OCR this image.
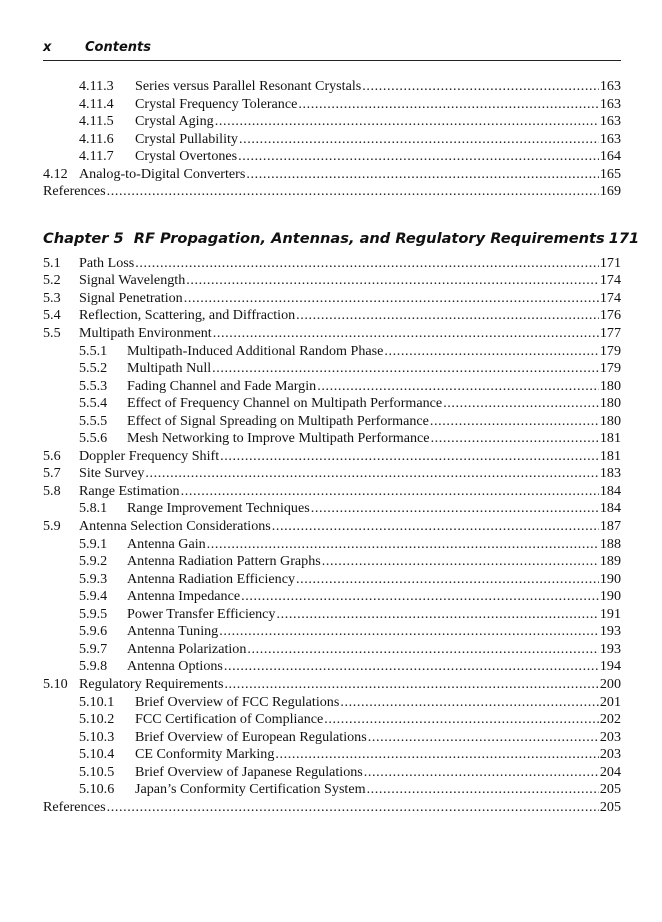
x	Contents
4.11.3	Series versus Parallel Resonant Crystals .....	163
4.11.4	Crystal Frequency Tolerance .....	163
4.11.5	Crystal Aging .....	163
4.11.6	Crystal Pullability .....	163
4.11.7	Crystal Overtones .....	164
4.12 Analog-to-Digital Converters .....	165
References .....	169
Chapter 5 RF Propagation, Antennas, and Regulatory Requirements 171
5.1	Path Loss .....	171
5.2	Signal Wavelength .....	174
5.3	Signal Penetration .....	174
5.4	Reflection, Scattering, and Diffraction .....	176
5.5	Multipath Environment .....	177
5.5.1	Multipath-Induced Additional Random Phase .....	179
5.5.2	Multipath Null .....	179
5.5.3	Fading Channel and Fade Margin .....	180
5.5.4	Effect of Frequency Channel on Multipath Performance .....	180
5.5.5	Effect of Signal Spreading on Multipath Performance .....	180
5.5.6	Mesh Networking to Improve Multipath Performance .....	181
5.6	Doppler Frequency Shift .....	181
5.7	Site Survey .....	183
5.8	Range Estimation .....	184
5.8.1	Range Improvement Techniques .....	184
5.9	Antenna Selection Considerations .....	187
5.9.1	Antenna Gain .....	188
5.9.2	Antenna Radiation Pattern Graphs .....	189
5.9.3	Antenna Radiation Efficiency .....	190
5.9.4	Antenna Impedance .....	190
5.9.5	Power Transfer Efficiency .....	191
5.9.6	Antenna Tuning .....	193
5.9.7	Antenna Polarization .....	193
5.9.8	Antenna Options .....	194
5.10 Regulatory Requirements .....	200
5.10.1	Brief Overview of FCC Regulations .....	201
5.10.2	FCC Certification of Compliance .....	202
5.10.3	Brief Overview of European Regulations .....	203
5.10.4	CE Conformity Marking .....	203
5.10.5	Brief Overview of Japanese Regulations .....	204
5.10.6	Japan’s Conformity Certification System .....	205
References .....	205
